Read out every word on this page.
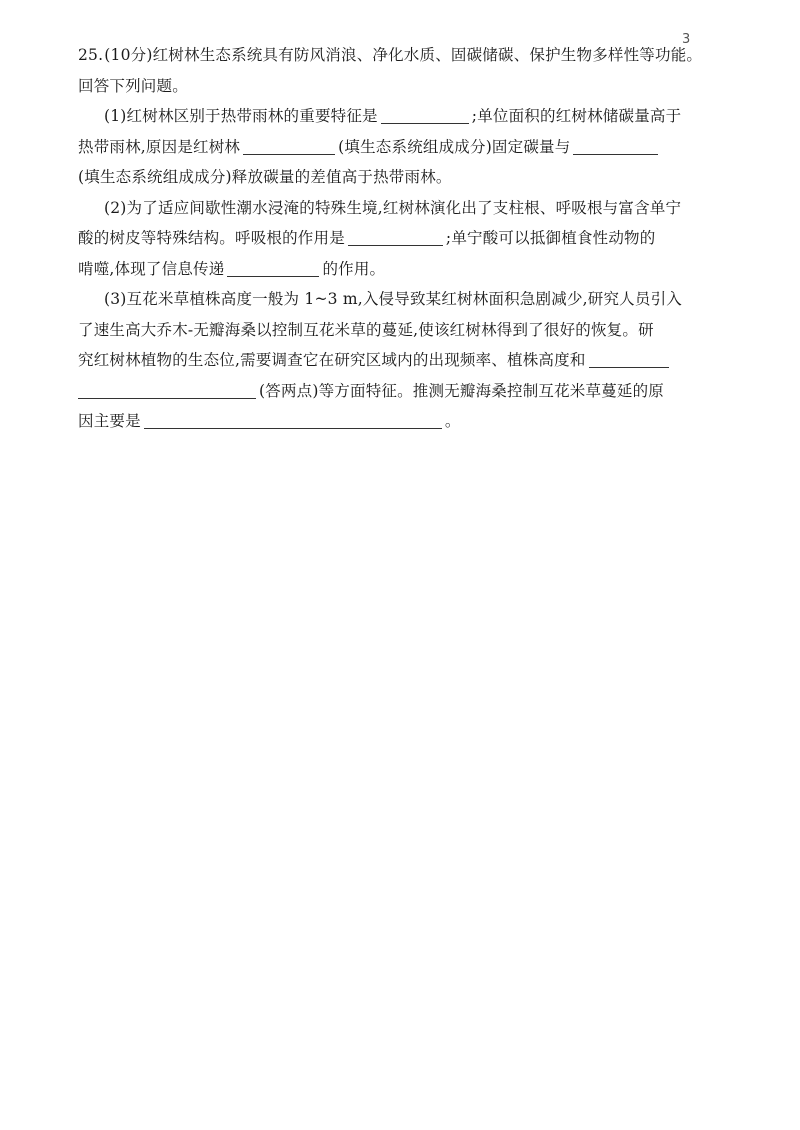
3
25.(10分)红树林生态系统具有防风消浪、净化水质、固碳储碳、保护生物多样性等功能。
回答下列问题。
(1)红树林区别于热带雨林的重要特征是	;单位面积的红树林储碳量高于
热带雨林,原因是红树林	(填生态系统组成成分)固定碳量与
(填生态系统组成成分)释放碳量的差值高于热带雨林。
(2)为了适应间歇性潮水浸淹的特殊生境,红树林演化出了支柱根、呼吸根与富含单宁
酸的树皮等特殊结构。呼吸根的作用是	;单宁酸可以抵御植食性动物的
啃噬,体现了信息传递	的作用。
(3)互花米草植株高度一般为 1~3 m,入侵导致某红树林面积急剧减少,研究人员引入
了速生高大乔木-无瓣海桑以控制互花米草的蔓延,使该红树林得到了很好的恢复。研
究红树林植物的生态位,需要调查它在研究区域内的出现频率、植株高度和
(答两点)等方面特征。推测无瓣海桑控制互花米草蔓延的原
因主要是	。
